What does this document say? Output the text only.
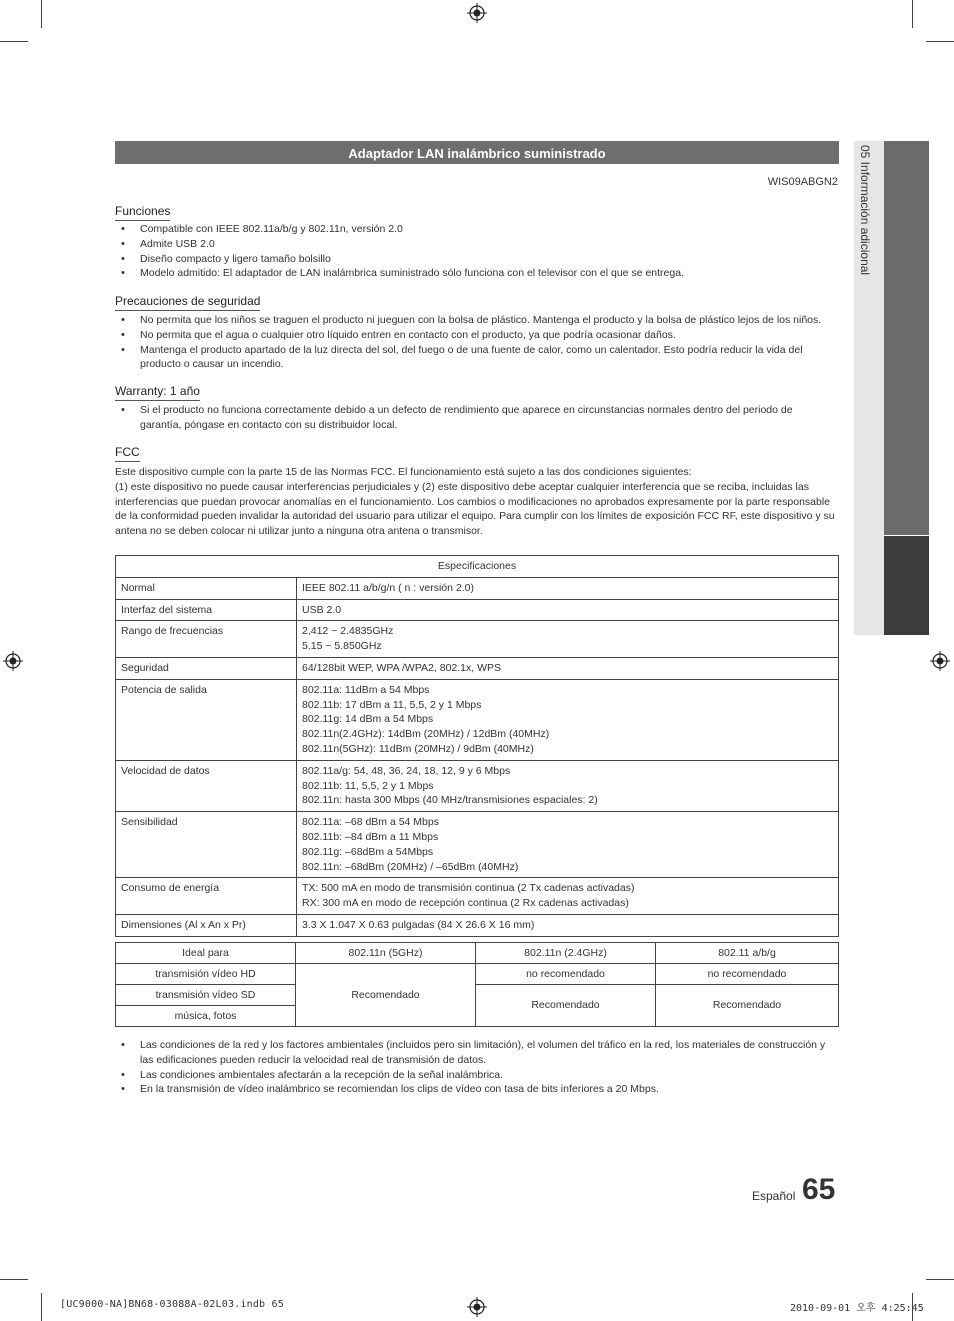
05 Información adicional
Adaptador LAN inalámbrico suministrado
WIS09ABGN2
Funciones
• Compatible con IEEE 802.11a/b/g y 802.11n, versión 2.0
• Admite USB 2.0
• Diseño compacto y ligero tamaño bolsillo
• Modelo admitido: El adaptador de LAN inalámbrica suministrado sólo funciona con el televisor con el que se entrega.
Precauciones de seguridad
• No permita que los niños se traguen el producto ni jueguen con la bolsa de plástico. Mantenga el producto y la bolsa de plástico lejos de los niños.
• No permita que el agua o cualquier otro líquido entren en contacto con el producto, ya que podría ocasionar daños.
• Mantenga el producto apartado de la luz directa del sol, del fuego o de una fuente de calor, como un calentador. Esto podría reducir la vida del producto o causar un incendio.
Warranty: 1 año
• Si el producto no funciona correctamente debido a un defecto de rendimiento que aparece en circunstancias normales dentro del periodo de garantía, póngase en contacto con su distribuidor local.
FCC
Este dispositivo cumple con la parte 15 de las Normas FCC. El funcionamiento está sujeto a las dos condiciones siguientes:
(1) este dispositivo no puede causar interferencias perjudiciales y (2) este dispositivo debe aceptar cualquier interferencia que se reciba, incluidas las interferencias que puedan provocar anomalías en el funcionamiento. Los cambios o modificaciones no aprobados expresamente por la parte responsable de la conformidad pueden invalidar la autoridad del usuario para utilizar el equipo. Para cumplir con los límites de exposición FCC RF, este dispositivo y su antena no se deben colocar ni utilizar junto a ninguna otra antena o transmisor.
Especificaciones	
Normal	IEEE 802.11 a/b/g/n ( n : versión 2.0)

Interfaz del sistema	USB 2.0

Rango de frecuencias	2,412 ~ 2.4835GHz
5.15 ~ 5.850GHz

Seguridad	64/128bit WEP, WPA /WPA2, 802.1x, WPS

Potencia de salida	802.11a: 11dBm a 54 Mbps
802.11b: 17 dBm a 11, 5,5, 2 y 1 Mbps
802.11g: 14 dBm a 54 Mbps
802.11n(2.4GHz): 14dBm (20MHz) / 12dBm (40MHz)
802.11n(5GHz): 11dBm (20MHz) / 9dBm (40MHz)

Velocidad de datos	802.11a/g: 54, 48, 36, 24, 18, 12, 9 y 6 Mbps
802.11b: 11, 5,5, 2 y 1 Mbps
802.11n: hasta 300 Mbps (40 MHz/transmisiones espaciales: 2)

Sensibilidad	802.11a: –68 dBm a 54 Mbps
802.11b: –84 dBm a 11 Mbps
802.11g: –68dBm a 54Mbps
802.11n: –68dBm (20MHz) / –65dBm (40MHz)

Consumo de energía	TX: 500 mA en modo de transmisión continua (2 Tx cadenas activadas)
RX: 300 mA en modo de recepción continua (2 Rx cadenas activadas)

Dimensiones (Al x An x Pr)	3.3 X 1.047 X 0.63 pulgadas (84 X 26.6 X 16 mm)
Ideal para	802.11n (5GHz)	802.11n (2.4GHz)	802.11 a/b/g
transmisión vídeo HD	Recomendado	no recomendado	no recomendado
transmisión vídeo SD		Recomendado	Recomendado
música, fotos			
• Las condiciones de la red y los factores ambientales (incluidos pero sin limitación), el volumen del tráfico en la red, los materiales de construcción y las edificaciones pueden reducir la velocidad real de transmisión de datos.
• Las condiciones ambientales afectarán a la recepción de la señal inalámbrica.
• En la transmisión de vídeo inalámbrico se recomiendan los clips de vídeo con tasa de bits inferiores a 20 Mbps.
Español 65
[UC9000-NA]BN68-03088A-02L03.indb 65	2010-09-01 오후 4:25:45
